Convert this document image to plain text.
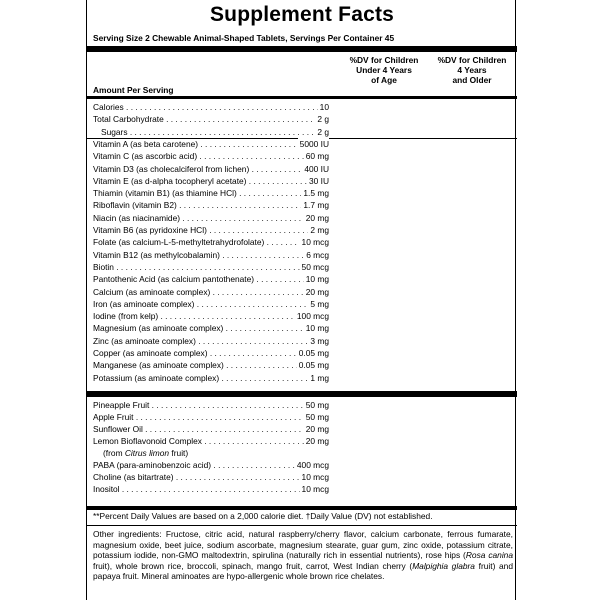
Supplement Facts
Serving Size 2 Chewable Animal-Shaped Tablets, Servings Per Container 45
%DV for Children
Under 4 Years
of Age
%DV for Children
4 Years
and Older
Amount Per Serving
(from Citrus limon fruit)
**Percent Daily Values are based on a 2,000 calorie diet. †Daily Value (DV) not established.
Other ingredients: Fructose, citric acid, natural raspberry/cherry flavor, calcium carbonate, ferrous fumarate, magnesium oxide, beet juice, sodium ascorbate, magnesium stearate, guar gum, zinc oxide, potassium citrate, potassium iodide, non-GMO maltodextrin, spirulina (naturally rich in essential nutrients), rose hips (Rosa canina fruit), whole brown rice, broccoli, spinach, mango fruit, carrot, West Indian cherry (Malpighia glabra fruit) and papaya fruit. Mineral aminoates are hypo-allergenic whole brown rice chelates.
Calories . . .	10
Total Carbohydrate . . .	2 g
Sugars . . .	2 g
Vitamin A (as beta carotene) . . .	5000 IU
Vitamin C (as ascorbic acid) . . .	60 mg
Vitamin D3 (as cholecalciferol from lichen) . . .	400 IU
Vitamin E (as d-alpha tocopheryl acetate) . . .	30 IU
Thiamin (vitamin B1) (as thiamine HCl) . . .	1.5 mg
Riboflavin (vitamin B2) . . .	1.7 mg
Niacin (as niacinamide) . . .	20 mg
Vitamin B6 (as pyridoxine HCl) . . .	2 mg
Folate (as calcium-L-5-methyltetrahydrofolate) . . .	10 mcg
Vitamin B12 (as methylcobalamin) . . .	6 mcg
Biotin . . .	50 mcg
Pantothenic Acid (as calcium pantothenate) . . .	10 mg
Calcium (as aminoate complex) . . .	20 mg
Iron (as aminoate complex) . . .	5 mg
Iodine (from kelp) . . .	100 mcg
Magnesium (as aminoate complex) . . .	10 mg
Zinc (as aminoate complex) . . .	3 mg
Copper (as aminoate complex) . . .	0.05 mg
Manganese (as aminoate complex) . . .	0.05 mg
Potassium (as aminoate complex) . . .	1 mg
Pineapple Fruit . . .	50 mg
Apple Fruit . . .	50 mg
Sunflower Oil . . .	20 mg
Lemon Bioflavonoid Complex . . .	20 mg
PABA (para-aminobenzoic acid) . . .	400 mcg
Choline (as bitartrate) . . .	10 mcg
Inositol . . .	10 mcg
